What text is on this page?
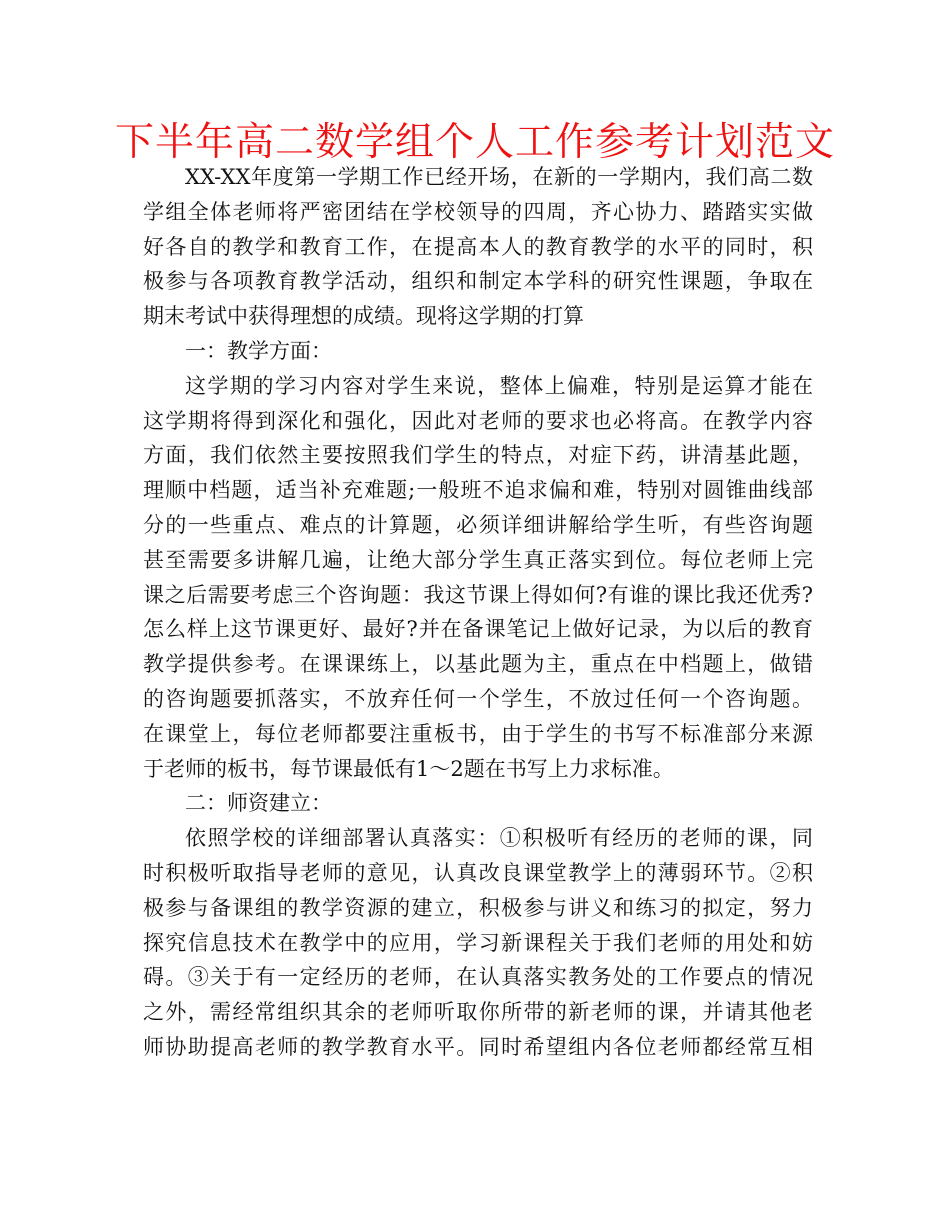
下半年高二数学组个人工作参考计划范文
XX-XX年度第一学期工作已经开场，在新的一学期内，我们高二数
学组全体老师将严密团结在学校领导的四周，齐心协力、踏踏实实做
好各自的教学和教育工作，在提高本人的教育教学的水平的同时，积
极参与各项教育教学活动，组织和制定本学科的研究性课题，争取在
期末考试中获得理想的成绩。现将这学期的打算
一：教学方面：
这学期的学习内容对学生来说，整体上偏难，特别是运算才能在
这学期将得到深化和强化，因此对老师的要求也必将高。在教学内容
方面，我们依然主要按照我们学生的特点，对症下药，讲清基此题，
理顺中档题，适当补充难题;一般班不追求偏和难，特别对圆锥曲线部
分的一些重点、难点的计算题，必须详细讲解给学生听，有些咨询题
甚至需要多讲解几遍，让绝大部分学生真正落实到位。每位老师上完
课之后需要考虑三个咨询题：我这节课上得如何?有谁的课比我还优秀?
怎么样上这节课更好、最好?并在备课笔记上做好记录，为以后的教育
教学提供参考。在课课练上，以基此题为主，重点在中档题上，做错
的咨询题要抓落实，不放弃任何一个学生，不放过任何一个咨询题。
在课堂上，每位老师都要注重板书，由于学生的书写不标准部分来源
于老师的板书，每节课最低有1～2题在书写上力求标准。
二：师资建立：
依照学校的详细部署认真落实：①积极听有经历的老师的课，同
时积极听取指导老师的意见，认真改良课堂教学上的薄弱环节。②积
极参与备课组的教学资源的建立，积极参与讲义和练习的拟定，努力
探究信息技术在教学中的应用，学习新课程关于我们老师的用处和妨
碍。③关于有一定经历的老师，在认真落实教务处的工作要点的情况
之外，需经常组织其余的老师听取你所带的新老师的课，并请其他老
师协助提高老师的教学教育水平。同时希望组内各位老师都经常互相
